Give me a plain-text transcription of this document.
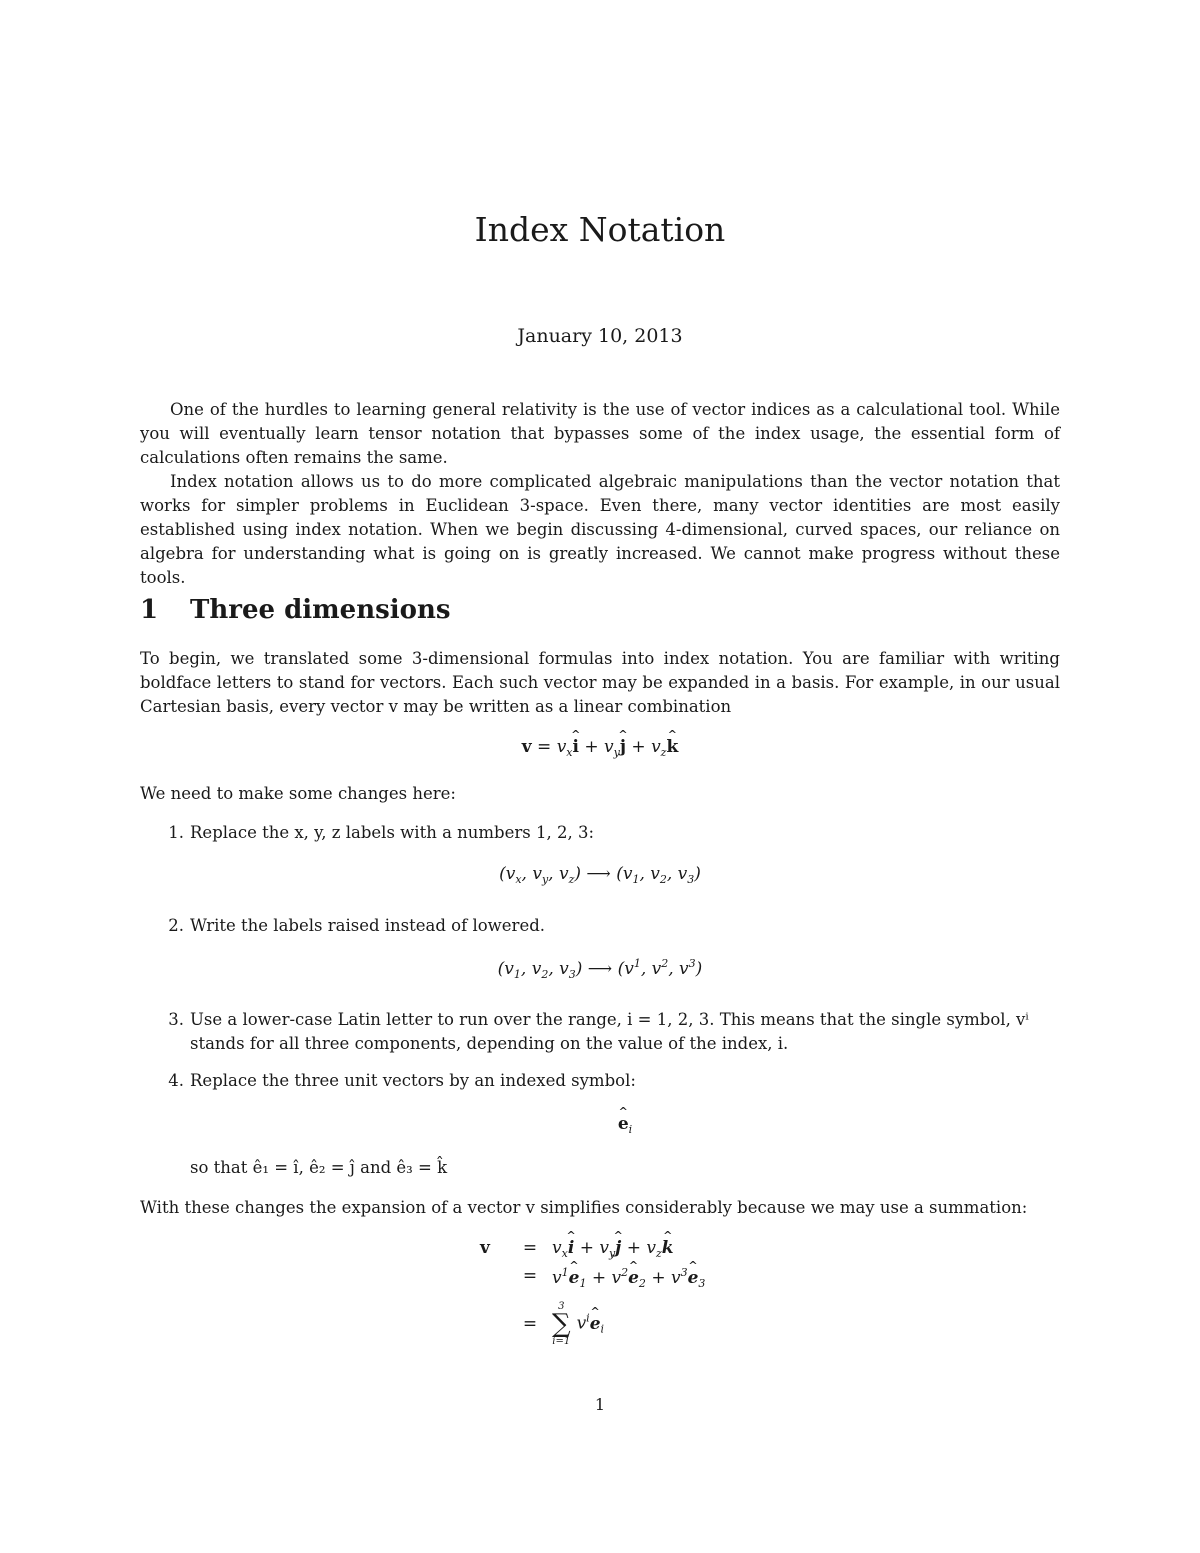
Index Notation
January 10, 2013

One of the hurdles to learning general relativity is the use of vector indices as a calculational tool. While you will eventually learn tensor notation that bypasses some of the index usage, the essential form of calculations often remains the same.

Index notation allows us to do more complicated algebraic manipulations than the vector notation that works for simpler problems in Euclidean 3-space. Even there, many vector identities are most easily established using index notation. When we begin discussing 4-dimensional, curved spaces, our reliance on algebra for understanding what is going on is greatly increased. We cannot make progress without these tools.

1 Three dimensions

To begin, we translated some 3-dimensional formulas into index notation. You are familiar with writing boldface letters to stand for vectors. Each such vector may be expanded in a basis. For example, in our usual Cartesian basis, every vector v may be written as a linear combination

$v = v_xi$ ^ + $v_yj$ ^ + $v_zk$ ^

We need to make some changes here:

1. Replace the x, y, z labels with a numbers 1, 2, 3:
($v_x$, $v_y$, $v_z$) ⟶ ($v_1$, $v_2$, $v_3$)
2. Write the labels raised instead of lowered.
($v_1$, $v_2$, $v_3$) ⟶ ($v^1$, $v^2$, $v^3$)
3. Use a lower-case Latin letter to run over the range, i = 1, 2, 3. This means that the single symbol, vⁱ stands for all three components, depending on the value of the index, i.
4. Replace the three unit vectors by an indexed symbol:
e $\^{}_i$
so that ê₁ = î, ê₂ = ĵ and ê₃ = k̂

With these changes the expansion of a vector v simplifies considerably because we may use a summation:

v	= $v_xi$ ^ + $v_yj$ ^ + $v_zk$ ^
= $v^1e$ $\^{}_1 + v^2e$ $\^{}_2 + v^3e$ $\^{}_3$
=
3
∑
i=1
$v^ie$ $\^{}_i$
1
